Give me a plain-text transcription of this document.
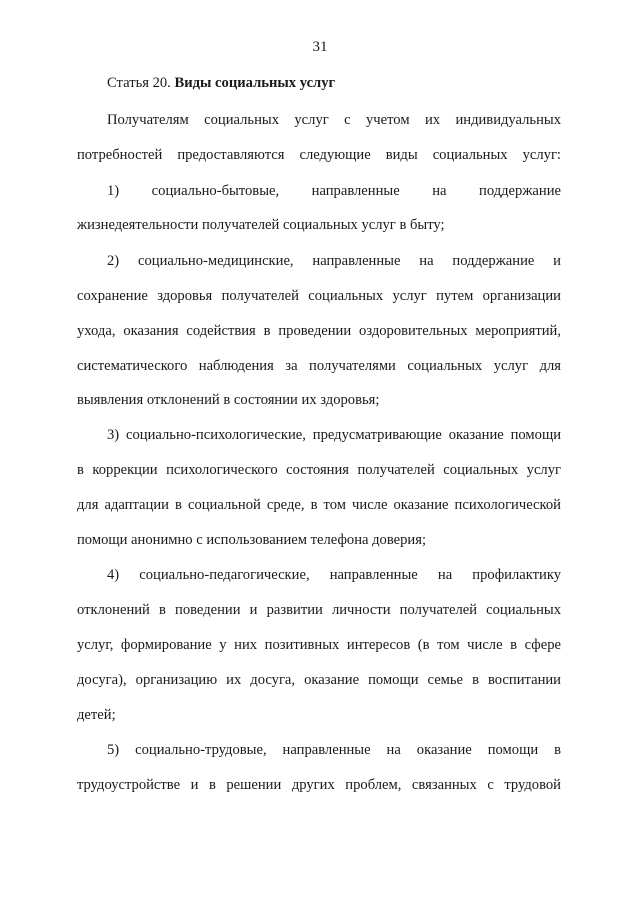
31
Статья 20. Виды социальных услуг
Получателям социальных услуг с учетом их индивидуальных
потребностей предоставляются следующие виды социальных услуг:
1) социально-бытовые, направленные на поддержание
жизнедеятельности получателей социальных услуг в быту;
2) социально-медицинские, направленные на поддержание и
сохранение здоровья получателей социальных услуг путем организации
ухода, оказания содействия в проведении оздоровительных мероприятий,
систематического наблюдения за получателями социальных услуг для
выявления отклонений в состоянии их здоровья;
3) социально-психологические, предусматривающие оказание помощи
в коррекции психологического состояния получателей социальных услуг
для адаптации в социальной среде, в том числе оказание психологической
помощи анонимно с использованием телефона доверия;
4) социально-педагогические, направленные на профилактику
отклонений в поведении и развитии личности получателей социальных
услуг, формирование у них позитивных интересов (в том числе в сфере
досуга), организацию их досуга, оказание помощи семье в воспитании
детей;
5) социально-трудовые, направленные на оказание помощи в
трудоустройстве и в решении других проблем, связанных с трудовой
